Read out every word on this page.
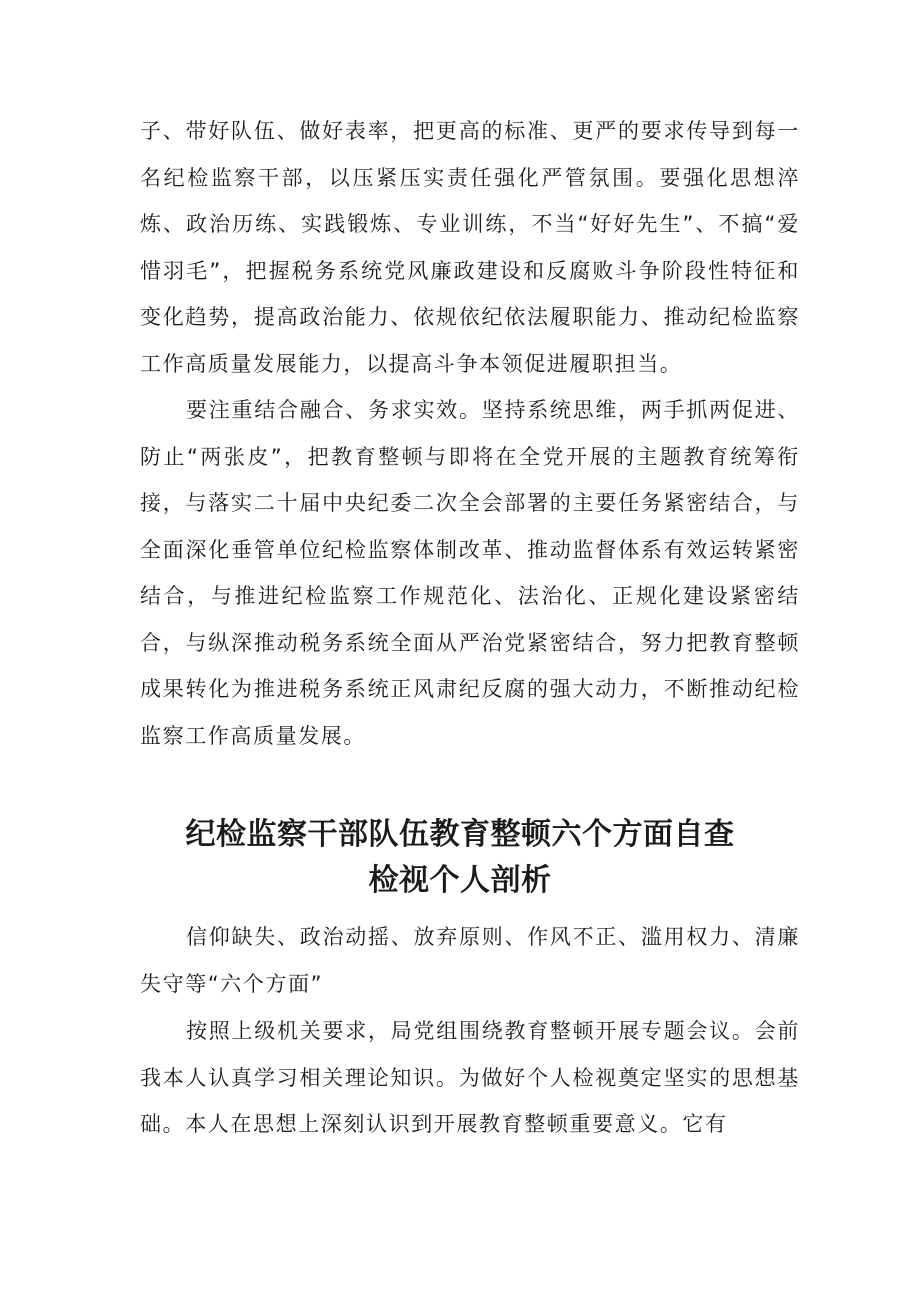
子、带好队伍、做好表率，把更高的标准、更严的要求传导到每一名纪检监察干部，以压紧压实责任强化严管氛围。要强化思想淬炼、政治历练、实践锻炼、专业训练，不当“好好先生”、不搞“爱惜羽毛”，把握税务系统党风廉政建设和反腐败斗争阶段性特征和变化趋势，提高政治能力、依规依纪依法履职能力、推动纪检监察工作高质量发展能力，以提高斗争本领促进履职担当。

要注重结合融合、务求实效。坚持系统思维，两手抓两促进、防止“两张皮”，把教育整顿与即将在全党开展的主题教育统筹衔接，与落实二十届中央纪委二次全会部署的主要任务紧密结合，与全面深化垂管单位纪检监察体制改革、推动监督体系有效运转紧密结合，与推进纪检监察工作规范化、法治化、正规化建设紧密结合，与纵深推动税务系统全面从严治党紧密结合，努力把教育整顿成果转化为推进税务系统正风肃纪反腐的强大动力，不断推动纪检监察工作高质量发展。

纪检监察干部队伍教育整顿六个方面自查
检视个人剖析

信仰缺失、政治动摇、放弃原则、作风不正、滥用权力、清廉失守等“六个方面”

按照上级机关要求，局党组围绕教育整顿开展专题会议。会前我本人认真学习相关理论知识。为做好个人检视奠定坚实的思想基础。本人在思想上深刻认识到开展教育整顿重要意义。它有
